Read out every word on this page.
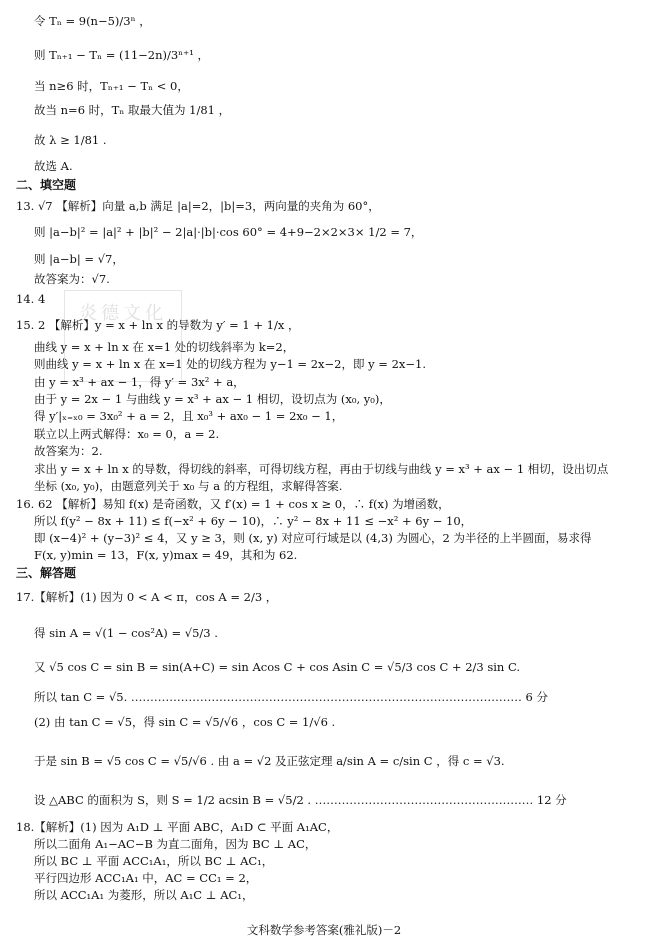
炎德文化
令 Tₙ = 9(n−5)/3ⁿ ，
则 Tₙ₊₁ − Tₙ = (11−2n)/3ⁿ⁺¹ ，
当 n≥6 时，Tₙ₊₁ − Tₙ < 0，
故当 n=6 时，Tₙ 取最大值为 1/81 ，
故 λ ≥ 1/81 .
故选 A.
二、填空题
13. √7 【解析】向量 a,b 满足 |a|=2，|b|=3，两向量的夹角为 60°，
则 |a−b|² = |a|² + |b|² − 2|a|·|b|·cos 60° = 4+9−2×2×3× 1/2 = 7，
则 |a−b| = √7，
故答案为：√7.
14. 4
15. 2 【解析】y = x + ln x 的导数为 y′ = 1 + 1/x ，
曲线 y = x + ln x 在 x=1 处的切线斜率为 k=2，
则曲线 y = x + ln x 在 x=1 处的切线方程为 y−1 = 2x−2，即 y = 2x−1.
由 y = x³ + ax − 1，得 y′ = 3x² + a，
由于 y = 2x − 1 与曲线 y = x³ + ax − 1 相切，设切点为 (x₀, y₀)，
得 y′|ₓ₌ₓ₀ = 3x₀² + a = 2，且 x₀³ + ax₀ − 1 = 2x₀ − 1，
联立以上两式解得：x₀ = 0，a = 2.
故答案为：2.
求出 y = x + ln x 的导数，得切线的斜率，可得切线方程，再由于切线与曲线 y = x³ + ax − 1 相切，设出切点
坐标 (x₀, y₀)，由题意列关于 x₀ 与 a 的方程组，求解得答案.
16. 62 【解析】易知 f(x) 是奇函数，又 f′(x) = 1 + cos x ≥ 0，∴ f(x) 为增函数，
所以 f(y² − 8x + 11) ≤ f(−x² + 6y − 10)，∴ y² − 8x + 11 ≤ −x² + 6y − 10，
即 (x−4)² + (y−3)² ≤ 4，又 y ≥ 3，则 (x, y) 对应可行域是以 (4,3) 为圆心，2 为半径的上半圆面，易求得
F(x, y)min = 13，F(x, y)max = 49，其和为 62.
三、解答题
17.【解析】(1) 因为 0 < A < π，cos A = 2/3 ，
得 sin A = √(1 − cos²A) = √5/3 .
又 √5 cos C = sin B = sin(A+C) = sin Acos C + cos Asin C = √5/3 cos C + 2/3 sin C.
所以 tan C = √5. ………………………………………………………………………………………… 6 分
(2) 由 tan C = √5，得 sin C = √5/√6 ，cos C = 1/√6 .
于是 sin B = √5 cos C = √5/√6 . 由 a = √2 及正弦定理 a/sin A = c/sin C ，得 c = √3.
设 △ABC 的面积为 S，则 S = 1/2 acsin B = √5/2 . ………………………………………………… 12 分
18.【解析】(1) 因为 A₁D ⊥ 平面 ABC，A₁D ⊂ 平面 A₁AC，
所以二面角 A₁−AC−B 为直二面角，因为 BC ⊥ AC，
所以 BC ⊥ 平面 ACC₁A₁，所以 BC ⊥ AC₁，
平行四边形 ACC₁A₁ 中，AC = CC₁ = 2，
所以 ACC₁A₁ 为菱形，所以 A₁C ⊥ AC₁，
文科数学参考答案(雅礼版)－2
